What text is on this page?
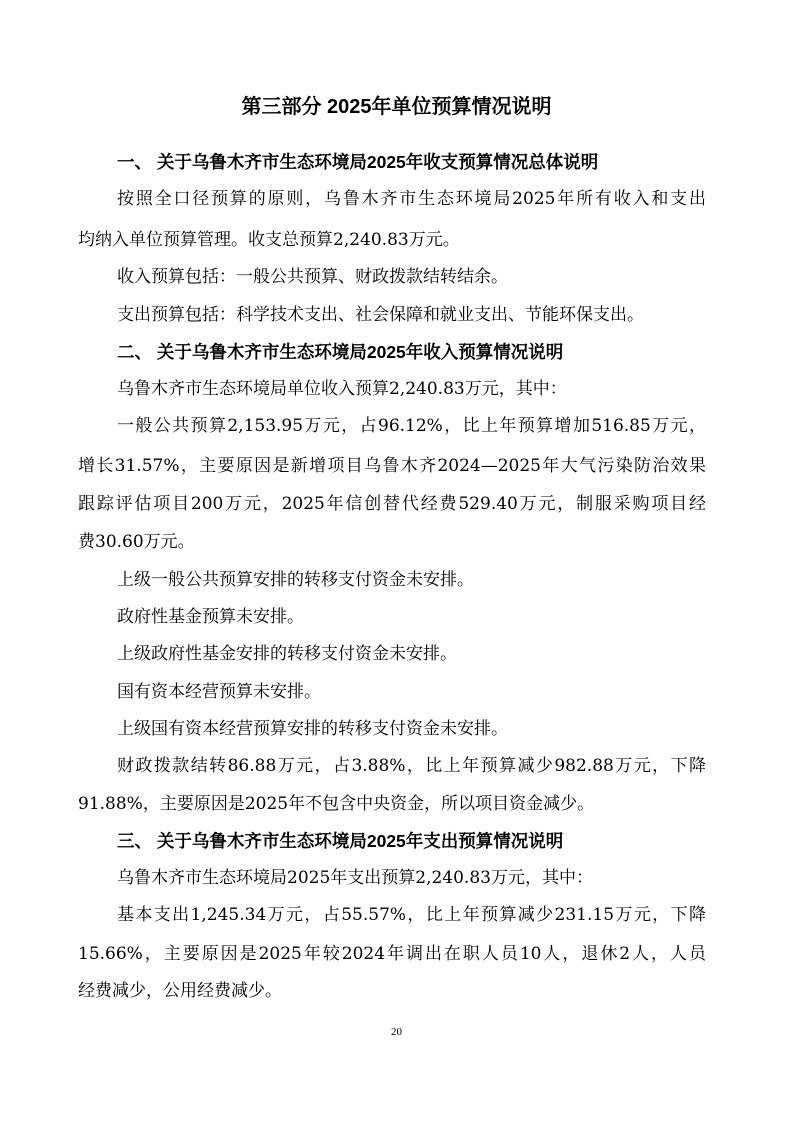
第三部分 2025年单位预算情况说明

一、 关于乌鲁木齐市生态环境局2025年收支预算情况总体说明

按照全口径预算的原则，乌鲁木齐市生态环境局2025年所有收入和支出

均纳入单位预算管理。收支总预算2,240.83万元。

收入预算包括：一般公共预算、财政拨款结转结余。

支出预算包括：科学技术支出、社会保障和就业支出、节能环保支出。

二、 关于乌鲁木齐市生态环境局2025年收入预算情况说明

乌鲁木齐市生态环境局单位收入预算2,240.83万元，其中：

一般公共预算2,153.95万元，占96.12%，比上年预算增加516.85万元，

增长31.57%，主要原因是新增项目乌鲁木齐2024—2025年大气污染防治效果

跟踪评估项目200万元，2025年信创替代经费529.40万元，制服采购项目经

费30.60万元。

上级一般公共预算安排的转移支付资金未安排。

政府性基金预算未安排。

上级政府性基金安排的转移支付资金未安排。

国有资本经营预算未安排。

上级国有资本经营预算安排的转移支付资金未安排。

财政拨款结转86.88万元，占3.88%，比上年预算减少982.88万元，下降

91.88%，主要原因是2025年不包含中央资金，所以项目资金减少。

三、 关于乌鲁木齐市生态环境局2025年支出预算情况说明

乌鲁木齐市生态环境局2025年支出预算2,240.83万元，其中：

基本支出1,245.34万元，占55.57%，比上年预算减少231.15万元，下降

15.66%，主要原因是2025年较2024年调出在职人员10人，退休2人，人员

经费减少，公用经费减少。

20
